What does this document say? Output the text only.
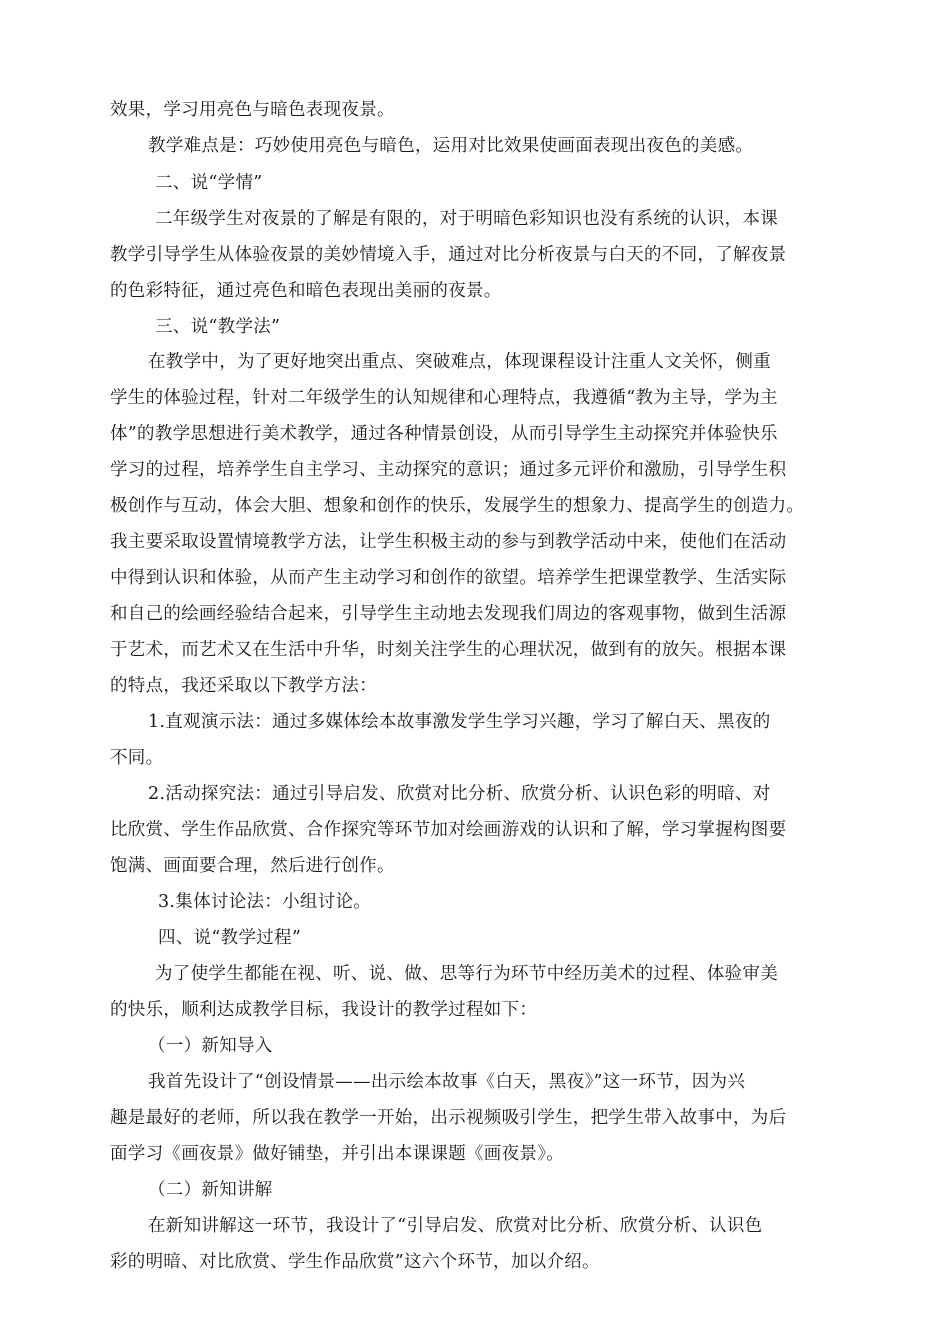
效果，学习用亮色与暗色表现夜景。
教学难点是：巧妙使用亮色与暗色，运用对比效果使画面表现出夜色的美感。
二、说“学情”
二年级学生对夜景的了解是有限的，对于明暗色彩知识也没有系统的认识，本课
教学引导学生从体验夜景的美妙情境入手，通过对比分析夜景与白天的不同，了解夜景
的色彩特征，通过亮色和暗色表现出美丽的夜景。
三、说“教学法”
在教学中，为了更好地突出重点、突破难点，体现课程设计注重人文关怀，侧重
学生的体验过程，针对二年级学生的认知规律和心理特点，我遵循“教为主导，学为主
体”的教学思想进行美术教学，通过各种情景创设，从而引导学生主动探究并体验快乐
学习的过程，培养学生自主学习、主动探究的意识；通过多元评价和激励，引导学生积
极创作与互动，体会大胆、想象和创作的快乐，发展学生的想象力、提高学生的创造力。
我主要采取设置情境教学方法，让学生积极主动的参与到教学活动中来，使他们在活动
中得到认识和体验，从而产生主动学习和创作的欲望。培养学生把课堂教学、生活实际
和自己的绘画经验结合起来，引导学生主动地去发现我们周边的客观事物，做到生活源
于艺术，而艺术又在生活中升华，时刻关注学生的心理状况，做到有的放矢。根据本课
的特点，我还采取以下教学方法：
1.直观演示法：通过多媒体绘本故事激发学生学习兴趣，学习了解白天、黑夜的
不同。
2.活动探究法：通过引导启发、欣赏对比分析、欣赏分析、认识色彩的明暗、对
比欣赏、学生作品欣赏、合作探究等环节加对绘画游戏的认识和了解，学习掌握构图要
饱满、画面要合理，然后进行创作。
3.集体讨论法：小组讨论。
四、说“教学过程”
为了使学生都能在视、听、说、做、思等行为环节中经历美术的过程、体验审美
的快乐，顺利达成教学目标，我设计的教学过程如下：
（一）新知导入
我首先设计了“创设情景——出示绘本故事《白天，黑夜》”这一环节，因为兴
趣是最好的老师，所以我在教学一开始，出示视频吸引学生，把学生带入故事中，为后
面学习《画夜景》做好铺垫，并引出本课课题《画夜景》。
（二）新知讲解
在新知讲解这一环节，我设计了“引导启发、欣赏对比分析、欣赏分析、认识色
彩的明暗、对比欣赏、学生作品欣赏”这六个环节，加以介绍。
